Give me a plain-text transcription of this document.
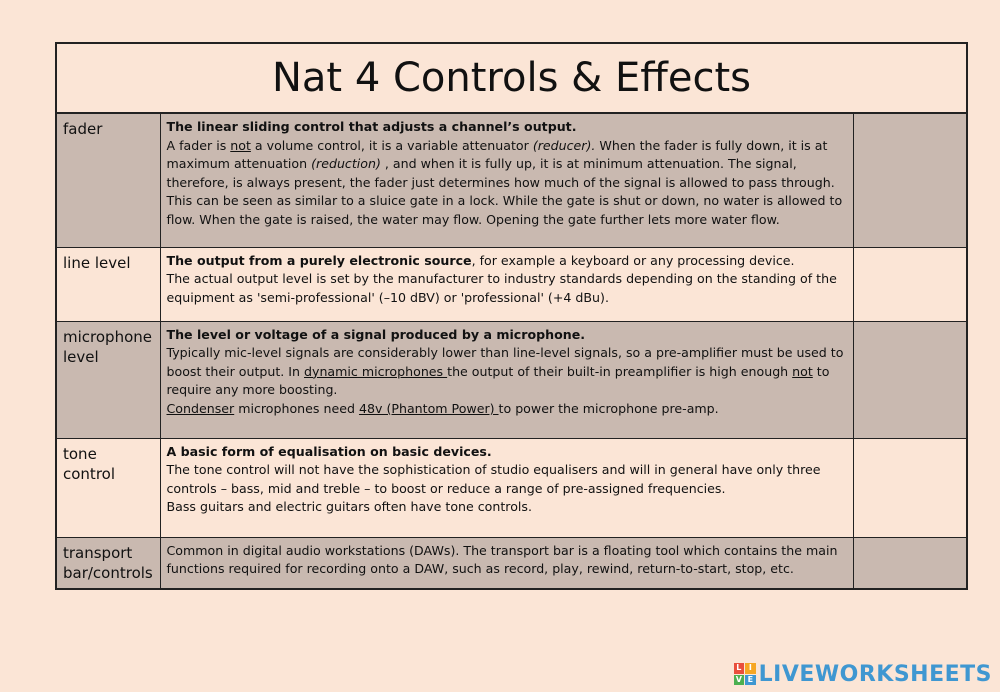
Nat 4 Controls & Effects
fader	The linear sliding control that adjusts a channel’s output.

A fader is not a volume control, it is a variable attenuator (reducer). When the fader is fully down, it is at maximum attenuation (reduction) , and when it is fully up, it is at minimum attenuation. The signal, therefore, is always present, the fader just determines how much of the signal is allowed to pass through. This can be seen as similar to a sluice gate in a lock. While the gate is shut or down, no water is allowed to flow. When the gate is raised, the water may flow. Opening the gate further lets more water flow.	

line level	The output from a purely electronic source, for example a keyboard or any processing device.

The actual output level is set by the manufacturer to industry standards depending on the standing of the equipment as 'semi-professional' (–10 dBV) or 'professional' (+4 dBu).	

microphone level	The level or voltage of a signal produced by a microphone.

Typically mic-level signals are considerably lower than line-level signals, so a pre-amplifier must be used to boost their output. In dynamic microphones the output of their built-in preamplifier is high enough not to require any more boosting.

Condenser microphones need 48v (Phantom Power) to power the microphone pre-amp.	

tone control	A basic form of equalisation on basic devices.

The tone control will not have the sophistication of studio equalisers and will in general have only three controls – bass, mid and treble – to boost or reduce a range of pre-assigned frequencies.

Bass guitars and electric guitars often have tone controls.	

transport bar/controls	Common in digital audio workstations (DAWs). The transport bar is a floating tool which contains the main functions required for recording onto a DAW, such as record, play, rewind, return-to-start, stop, etc.	

L I
V E LIVEWORKSHEETS
